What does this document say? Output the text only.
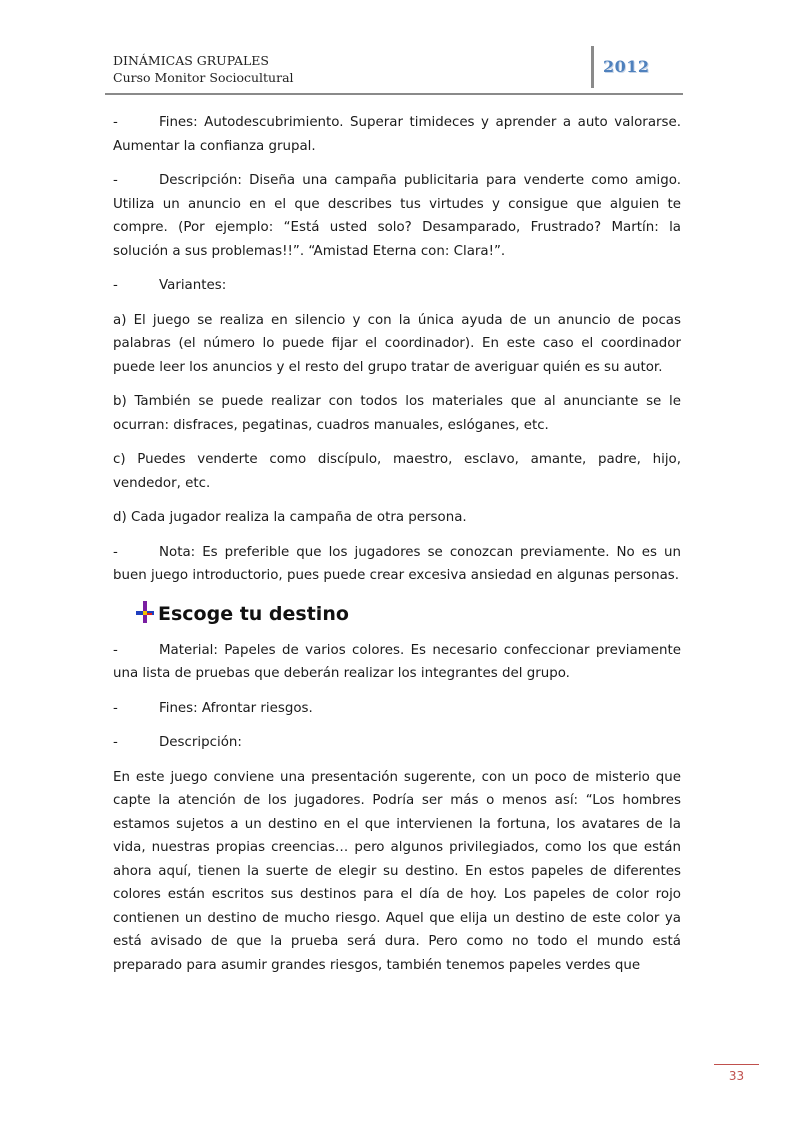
DINÁMICAS GRUPALES
Curso Monitor Sociocultural
2012

-	Fines: Autodescubrimiento. Superar timideces y aprender a auto valorarse. Aumentar la confianza grupal.

-	Descripción: Diseña una campaña publicitaria para venderte como amigo. Utiliza un anuncio en el que describes tus virtudes y consigue que alguien te compre. (Por ejemplo: “Está usted solo? Desamparado, Frustrado? Martín: la solución a sus problemas!!”. “Amistad Eterna con: Clara!”.

-	Variantes:

a) El juego se realiza en silencio y con la única ayuda de un anuncio de pocas palabras (el número lo puede fijar el coordinador). En este caso el coordinador puede leer los anuncios y el resto del grupo tratar de averiguar quién es su autor.

b) También se puede realizar con todos los materiales que al anunciante se le ocurran: disfraces, pegatinas, cuadros manuales, eslóganes, etc.

c) Puedes venderte como discípulo, maestro, esclavo, amante, padre, hijo, vendedor, etc.

d) Cada jugador realiza la campaña de otra persona.

-	Nota: Es preferible que los jugadores se conozcan previamente. No es un buen juego introductorio, pues puede crear excesiva ansiedad en algunas personas.

Escoge tu destino

-	Material: Papeles de varios colores. Es necesario confeccionar previamente una lista de pruebas que deberán realizar los integrantes del grupo.

-	Fines: Afrontar riesgos.

-	Descripción:

En este juego conviene una presentación sugerente, con un poco de misterio que capte la atención de los jugadores. Podría ser más o menos así: “Los hombres estamos sujetos a un destino en el que intervienen la fortuna, los avatares de la vida, nuestras propias creencias… pero algunos privilegiados, como los que están ahora aquí, tienen la suerte de elegir su destino. En estos papeles de diferentes colores están escritos sus destinos para el día de hoy. Los papeles de color rojo contienen un destino de mucho riesgo. Aquel que elija un destino de este color ya está avisado de que la prueba será dura. Pero como no todo el mundo está preparado para asumir grandes riesgos, también tenemos papeles verdes que

33
